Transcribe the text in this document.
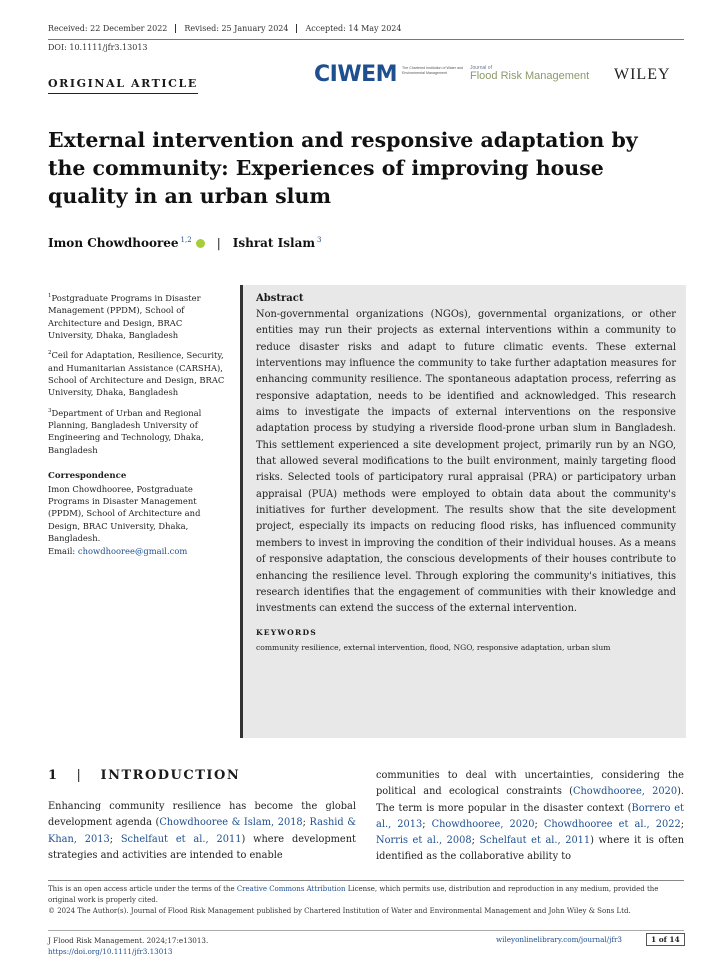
Received: 22 December 2022	Revised: 25 January 2024	Accepted: 14 May 2024
DOI: 10.1111/jfr3.13013
ORIGINAL ARTICLE	CIWEM The Chartered Institution of Water and Environmental Management
Journal of
Flood Risk Management WILEY
External intervention and responsive adaptation by the community: Experiences of improving house quality in an urban slum
Imon Chowdhooree $^{1,2}$ | Ishrat Islam $^3$

$^1$Postgraduate Programs in Disaster Management (PPDM), School of Architecture and Design, BRAC University, Dhaka, Bangladesh

$^2$Ceil for Adaptation, Resilience, Security, and Humanitarian Assistance (CARSHA), School of Architecture and Design, BRAC University, Dhaka, Bangladesh

$^3$Department of Urban and Regional Planning, Bangladesh University of Engineering and Technology, Dhaka, Bangladesh

Correspondence
Imon Chowdhooree, Postgraduate Programs in Disaster Management (PPDM), School of Architecture and Design, BRAC University, Dhaka, Bangladesh.
Email: chowdhooree@gmail.com
Abstract
Non-governmental organizations (NGOs), governmental organizations, or other entities may run their projects as external interventions within a community to reduce disaster risks and adapt to future climatic events. These external interventions may influence the community to take further adaptation measures for enhancing community resilience. The spontaneous adaptation process, referring as responsive adaptation, needs to be identified and acknowledged. This research aims to investigate the impacts of external interventions on the responsive adaptation process by studying a riverside flood-prone urban slum in Bangladesh. This settlement experienced a site development project, primarily run by an NGO, that allowed several modifications to the built environment, mainly targeting flood risks. Selected tools of participatory rural appraisal (PRA) or participatory urban appraisal (PUA) methods were employed to obtain data about the community's initiatives for further development. The results show that the site development project, especially its impacts on reducing flood risks, has influenced community members to invest in improving the condition of their individual houses. As a means of responsive adaptation, the conscious developments of their houses contribute to enhancing the resilience level. Through exploring the community's initiatives, this research identifies that the engagement of communities with their knowledge and investments can extend the success of the external intervention.
KEYWORDS
community resilience, external intervention, flood, NGO, responsive adaptation, urban slum
1 | INTRODUCTION
Enhancing community resilience has become the global development agenda (Chowdhooree & Islam, 2018; Rashid & Khan, 2013; Schelfaut et al., 2011) where development strategies and activities are intended to enable
communities to deal with uncertainties, considering the political and ecological constraints (Chowdhooree, 2020). The term is more popular in the disaster context (Borrero et al., 2013; Chowdhooree, 2020; Chowdhooree et al., 2022; Norris et al., 2008; Schelfaut et al., 2011) where it is often identified as the collaborative ability to
This is an open access article under the terms of the Creative Commons Attribution License, which permits use, distribution and reproduction in any medium, provided the original work is properly cited.
© 2024 The Author(s). Journal of Flood Risk Management published by Chartered Institution of Water and Environmental Management and John Wiley & Sons Ltd.
J Flood Risk Management. 2024;17:e13013.
https://doi.org/10.1111/jfr3.13013
wileyonlinelibrary.com/journal/jfr3	1 of 14
